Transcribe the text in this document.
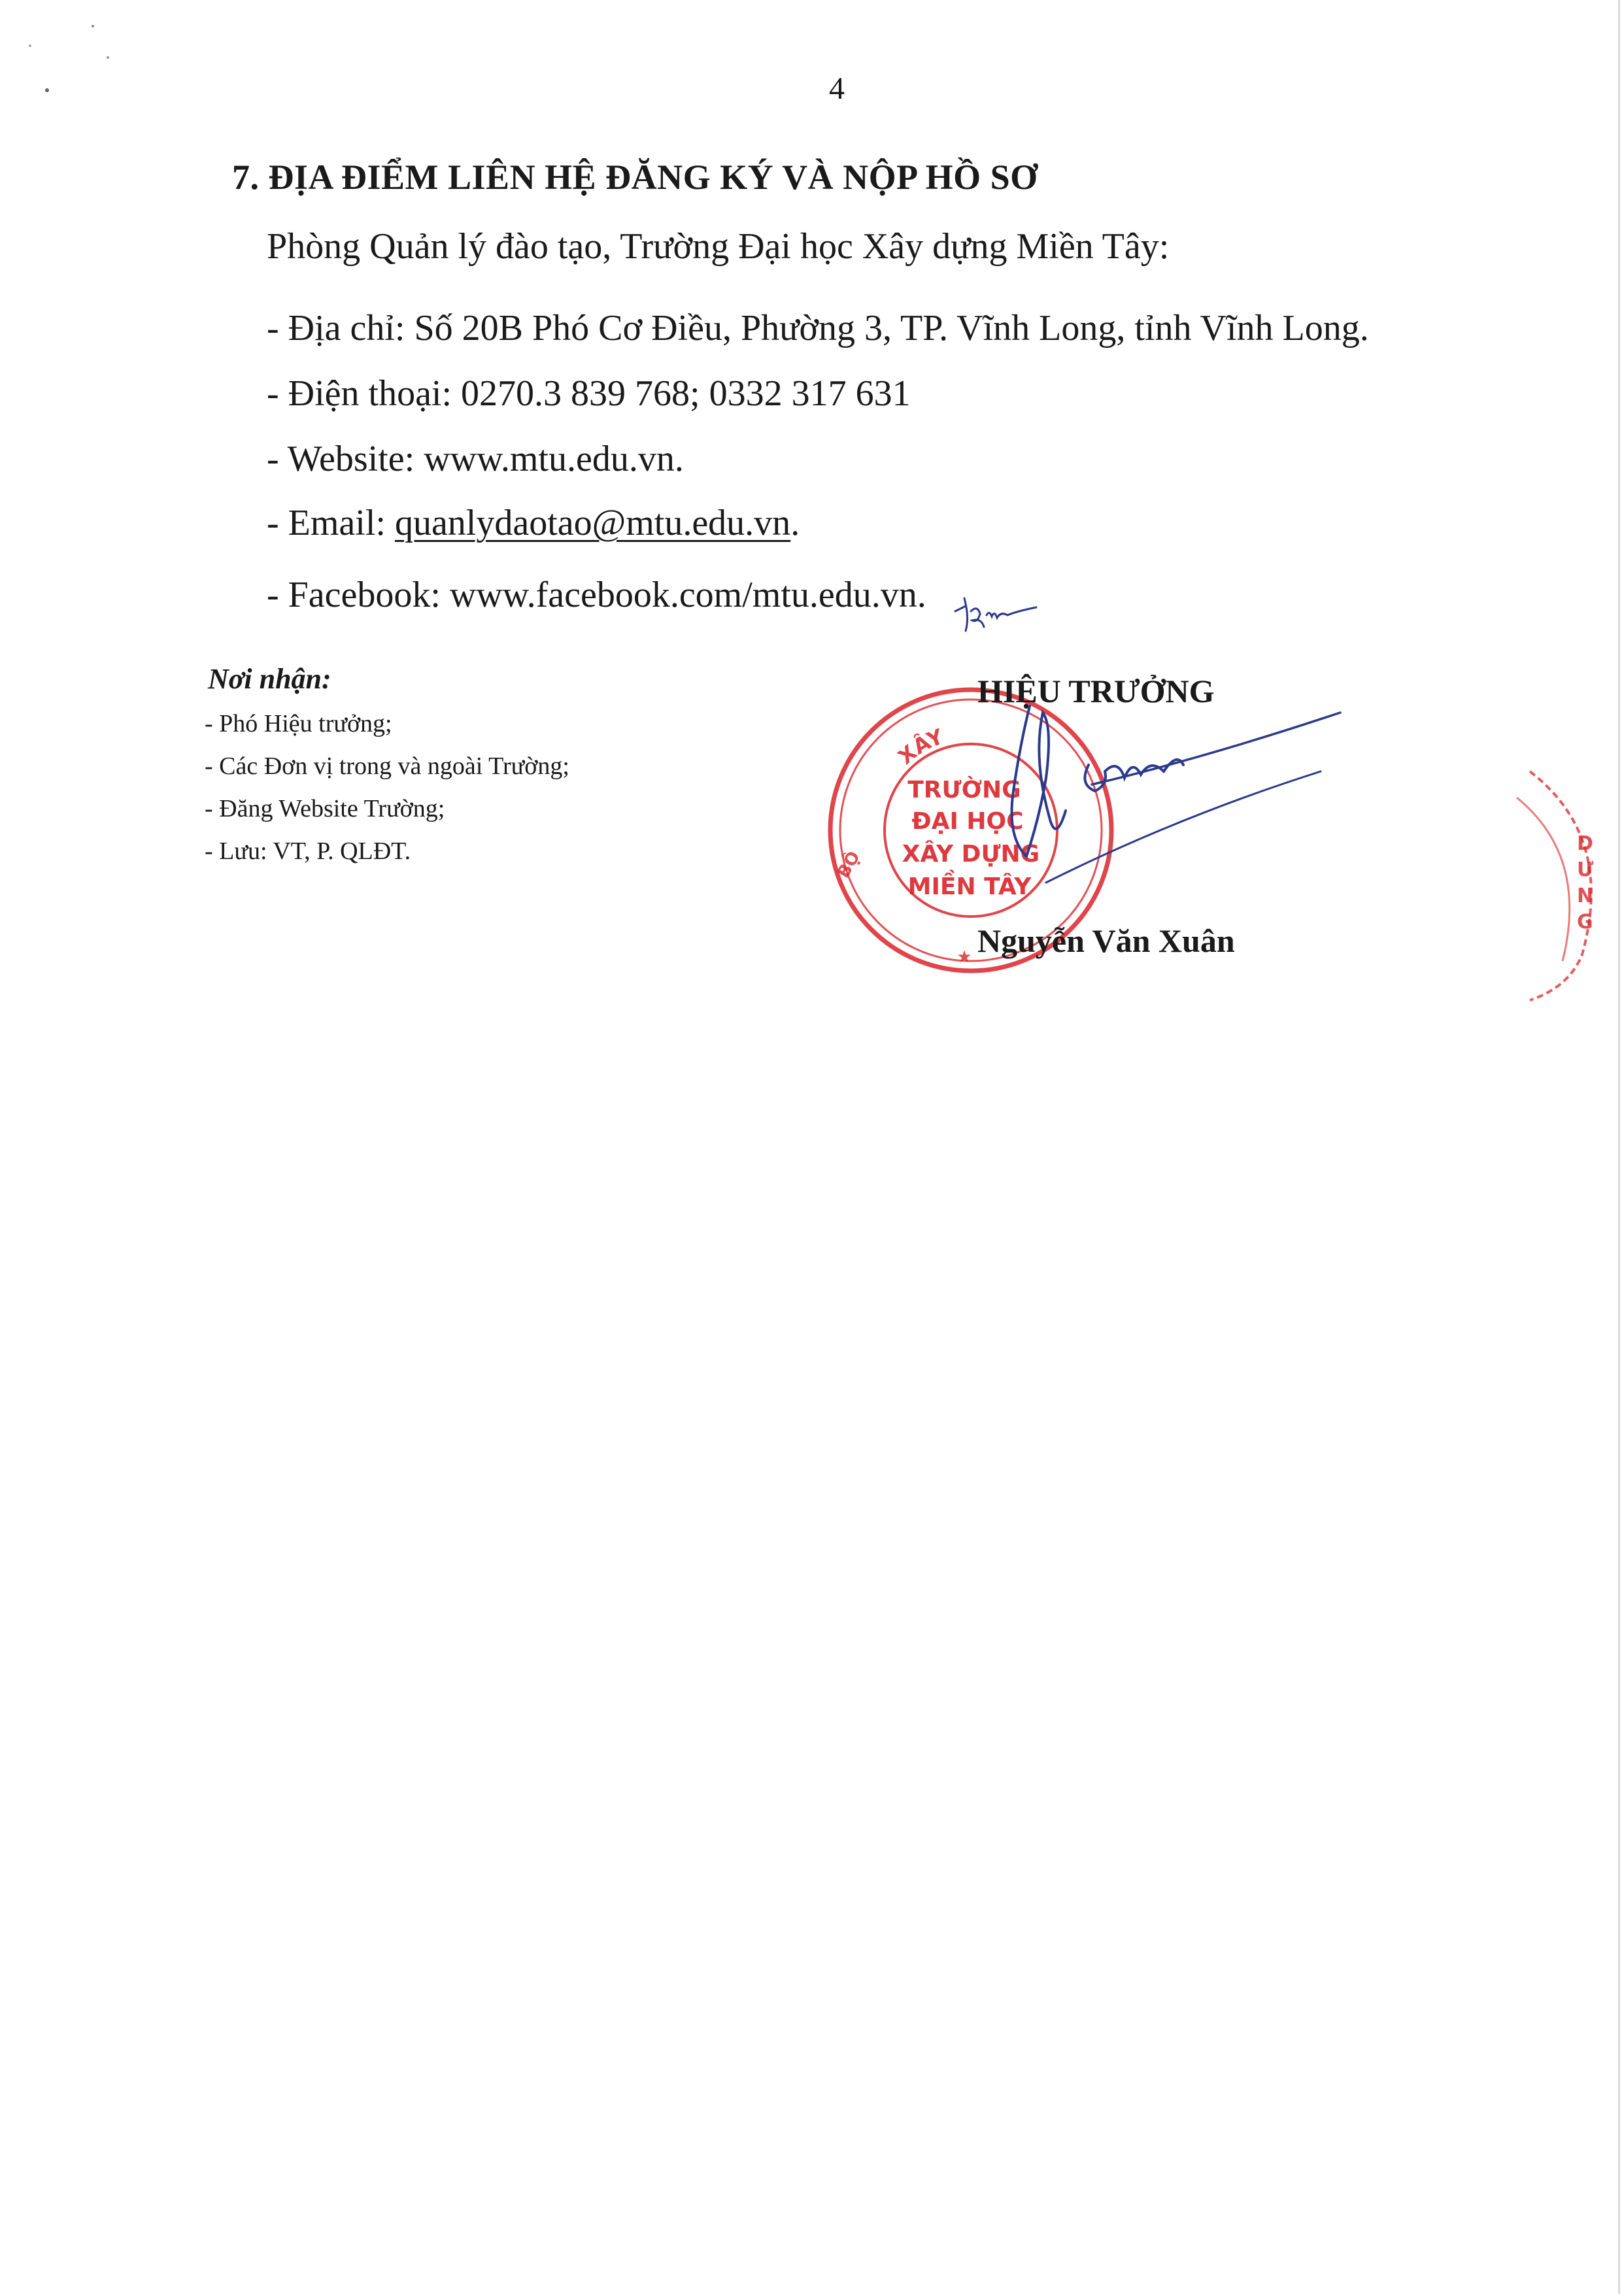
4
7. ĐỊA ĐIỂM LIÊN HỆ ĐĂNG KÝ VÀ NỘP HỒ SƠ
Phòng Quản lý đào tạo, Trường Đại học Xây dựng Miền Tây:
- Địa chỉ: Số 20B Phó Cơ Điều, Phường 3, TP. Vĩnh Long, tỉnh Vĩnh Long.
- Điện thoại: 0270.3 839 768; 0332 317 631
- Website: www.mtu.edu.vn.
- Email: quanlydaotao@mtu.edu.vn.
- Facebook: www.facebook.com/mtu.edu.vn.
Nơi nhận:
- Phó Hiệu trưởng;
- Các Đơn vị trong và ngoài Trường;
- Đăng Website Trường;
- Lưu: VT, P. QLĐT.
XÂY
TRƯỜNG
ĐẠI HỌC
XÂY DỰNG
MIỀN TÂY
BỘ
★
HIỆU TRƯỞNG
Nguyễn Văn Xuân
D
Ư
N
G
